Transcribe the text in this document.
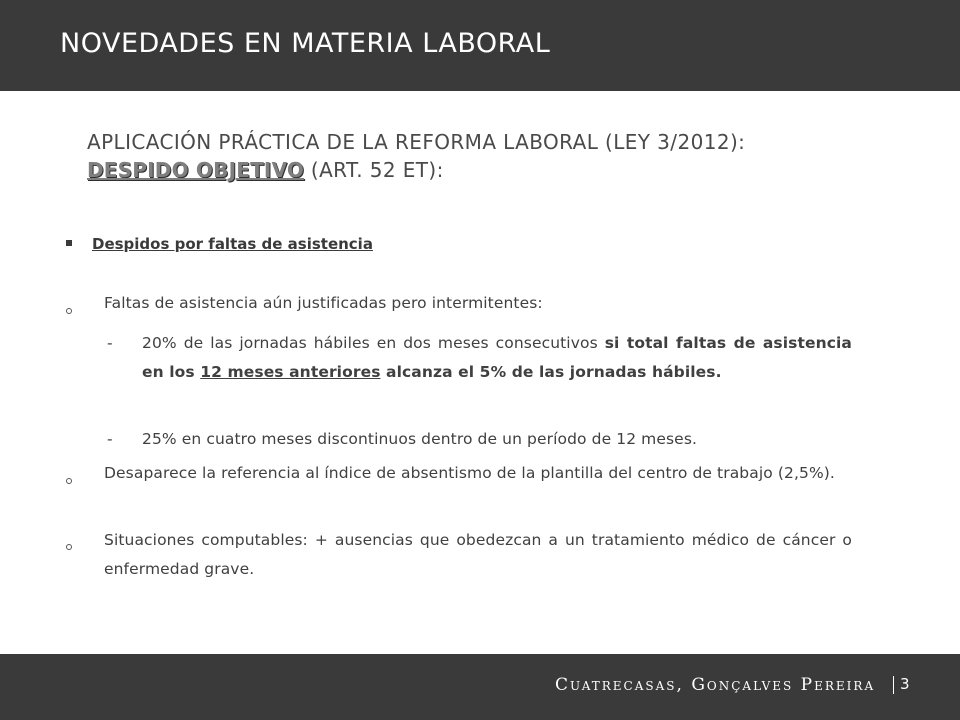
NOVEDADES EN MATERIA LABORAL
APLICACIÓN PRÁCTICA DE LA REFORMA LABORAL (LEY 3/2012):
DESPIDO OBJETIVO (ART. 52 ET):
Despidos por faltas de asistencia
Faltas de asistencia aún justificadas pero intermitentes:
- 20% de las jornadas hábiles en dos meses consecutivos si total faltas de asistencia en los 12 meses anteriores alcanza el 5% de las jornadas hábiles.
- 25% en cuatro meses discontinuos dentro de un período de 12 meses.
Desaparece la referencia al índice de absentismo de la plantilla del centro de trabajo (2,5%).
Situaciones computables: + ausencias que obedezcan a un tratamiento médico de cáncer o enfermedad grave.
Cuatrecasas, Gonçalves Pereira 3
